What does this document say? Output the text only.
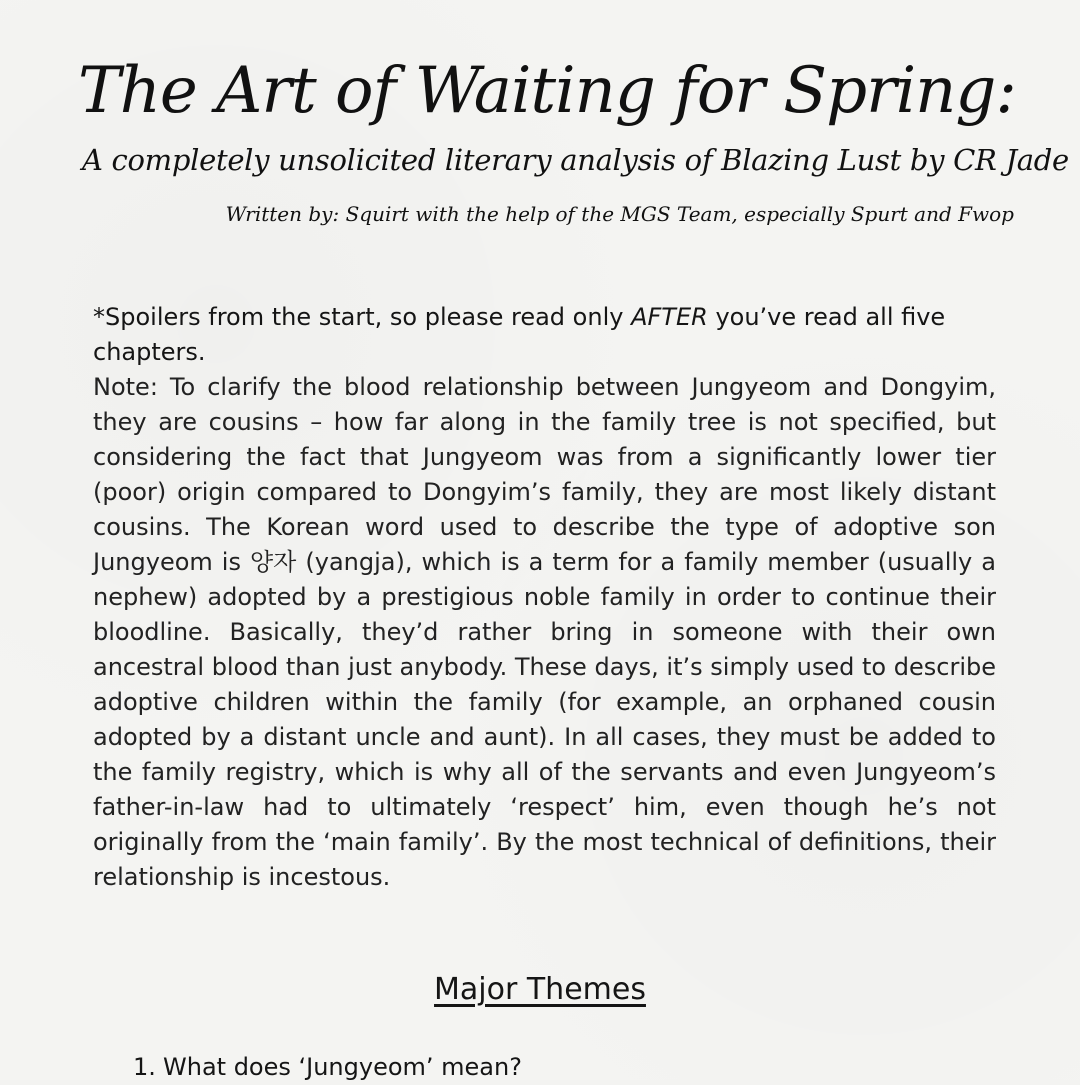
The Art of Waiting for Spring:
A completely unsolicited literary analysis of Blazing Lust by CR Jade
Written by: Squirt with the help of the MGS Team, especially Spurt and Fwop

*Spoilers from the start, so please read only AFTER you’ve read all five chapters.

Note: To clarify the blood relationship between Jungyeom and Dongyim, they are cousins – how far along in the family tree is not specified, but considering the fact that Jungyeom was from a significantly lower tier (poor) origin compared to Dongyim’s family, they are most likely distant cousins. The Korean word used to describe the type of adoptive son Jungyeom is 양자 (yangja), which is a term for a family member (usually a nephew) adopted by a prestigious noble family in order to continue their bloodline. Basically, they’d rather bring in someone with their own ancestral blood than just anybody. These days, it’s simply used to describe adoptive children within the family (for example, an orphaned cousin adopted by a distant uncle and aunt). In all cases, they must be added to the family registry, which is why all of the servants and even Jungyeom’s father-in-law had to ultimately ‘respect’ him, even though he’s not originally from the ‘main family’. By the most technical of definitions, their relationship is incestous.

Major Themes
1. What does ‘Jungyeom’ mean?
